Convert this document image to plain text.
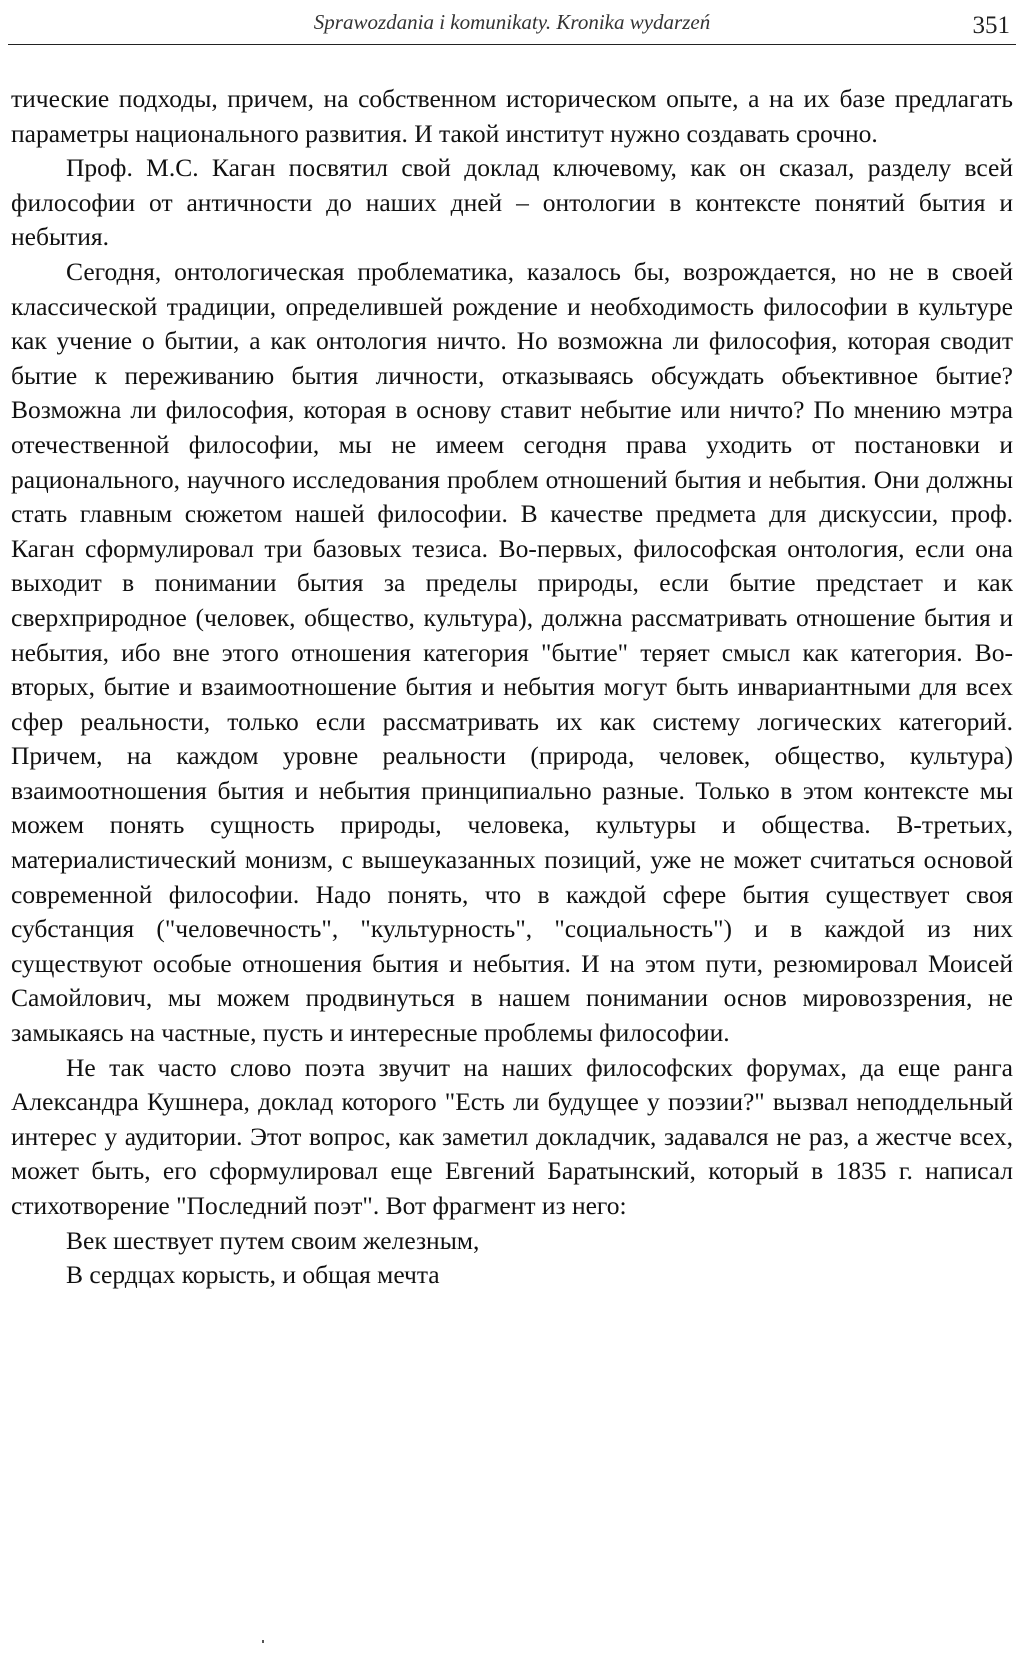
Sprawozdania i komunikaty. Kronika wydarzeń	351

тические подходы, причем, на собственном историческом опыте, а на их базе предлагать параметры национального развития. И такой институт нужно создавать срочно.

Проф. М.С. Каган посвятил свой доклад ключевому, как он сказал, разделу всей философии от античности до наших дней – онтологии в контексте понятий бытия и небытия.

Сегодня, онтологическая проблематика, казалось бы, возрождается, но не в своей классической традиции, определившей рождение и необходимость философии в культуре как учение о бытии, а как онтология ничто. Но возможна ли философия, которая сводит бытие к переживанию бытия личности, отказываясь обсуждать объективное бытие? Возможна ли философия, которая в основу ставит небытие или ничто? По мнению мэтра отечественной философии, мы не имеем сегодня права уходить от постановки и рационального, научного исследования проблем отношений бытия и небытия. Они должны стать главным сюжетом нашей философии. В качестве предмета для дискуссии, проф. Каган сформулировал три базовых тезиса. Во-первых, философская онтология, если она выходит в понимании бытия за пределы природы, если бытие предстает и как сверхприродное (человек, общество, культура), должна рассматривать отношение бытия и небытия, ибо вне этого отношения категория "бытие" теряет смысл как категория. Во-вторых, бытие и взаимоотношение бытия и небытия могут быть инвариантными для всех сфер реальности, только если рассматривать их как систему логических категорий. Причем, на каждом уровне реальности (природа, человек, общество, культура) взаимоотношения бытия и небытия принципиально разные. Только в этом контексте мы можем понять сущность природы, человека, культуры и общества. В-третьих, материалистический монизм, с вышеуказанных позиций, уже не может считаться основой современной философии. Надо понять, что в каждой сфере бытия существует своя субстанция ("человечность", "культурность", "социальность") и в каждой из них существуют особые отношения бытия и небытия. И на этом пути, резюмировал Моисей Самойлович, мы можем продвинуться в нашем понимании основ мировоззрения, не замыкаясь на частные, пусть и интересные проблемы философии.

Не так часто слово поэта звучит на наших философских форумах, да еще ранга Александра Кушнера, доклад которого "Есть ли будущее у поэзии?" вызвал неподдельный интерес у аудитории. Этот вопрос, как заметил докладчик, задавался не раз, а жестче всех, может быть, его сформулировал еще Евгений Баратынский, который в 1835 г. написал стихотворение "Последний поэт". Вот фрагмент из него:

Век шествует путем своим железным,
В сердцах корысть, и общая мечта
